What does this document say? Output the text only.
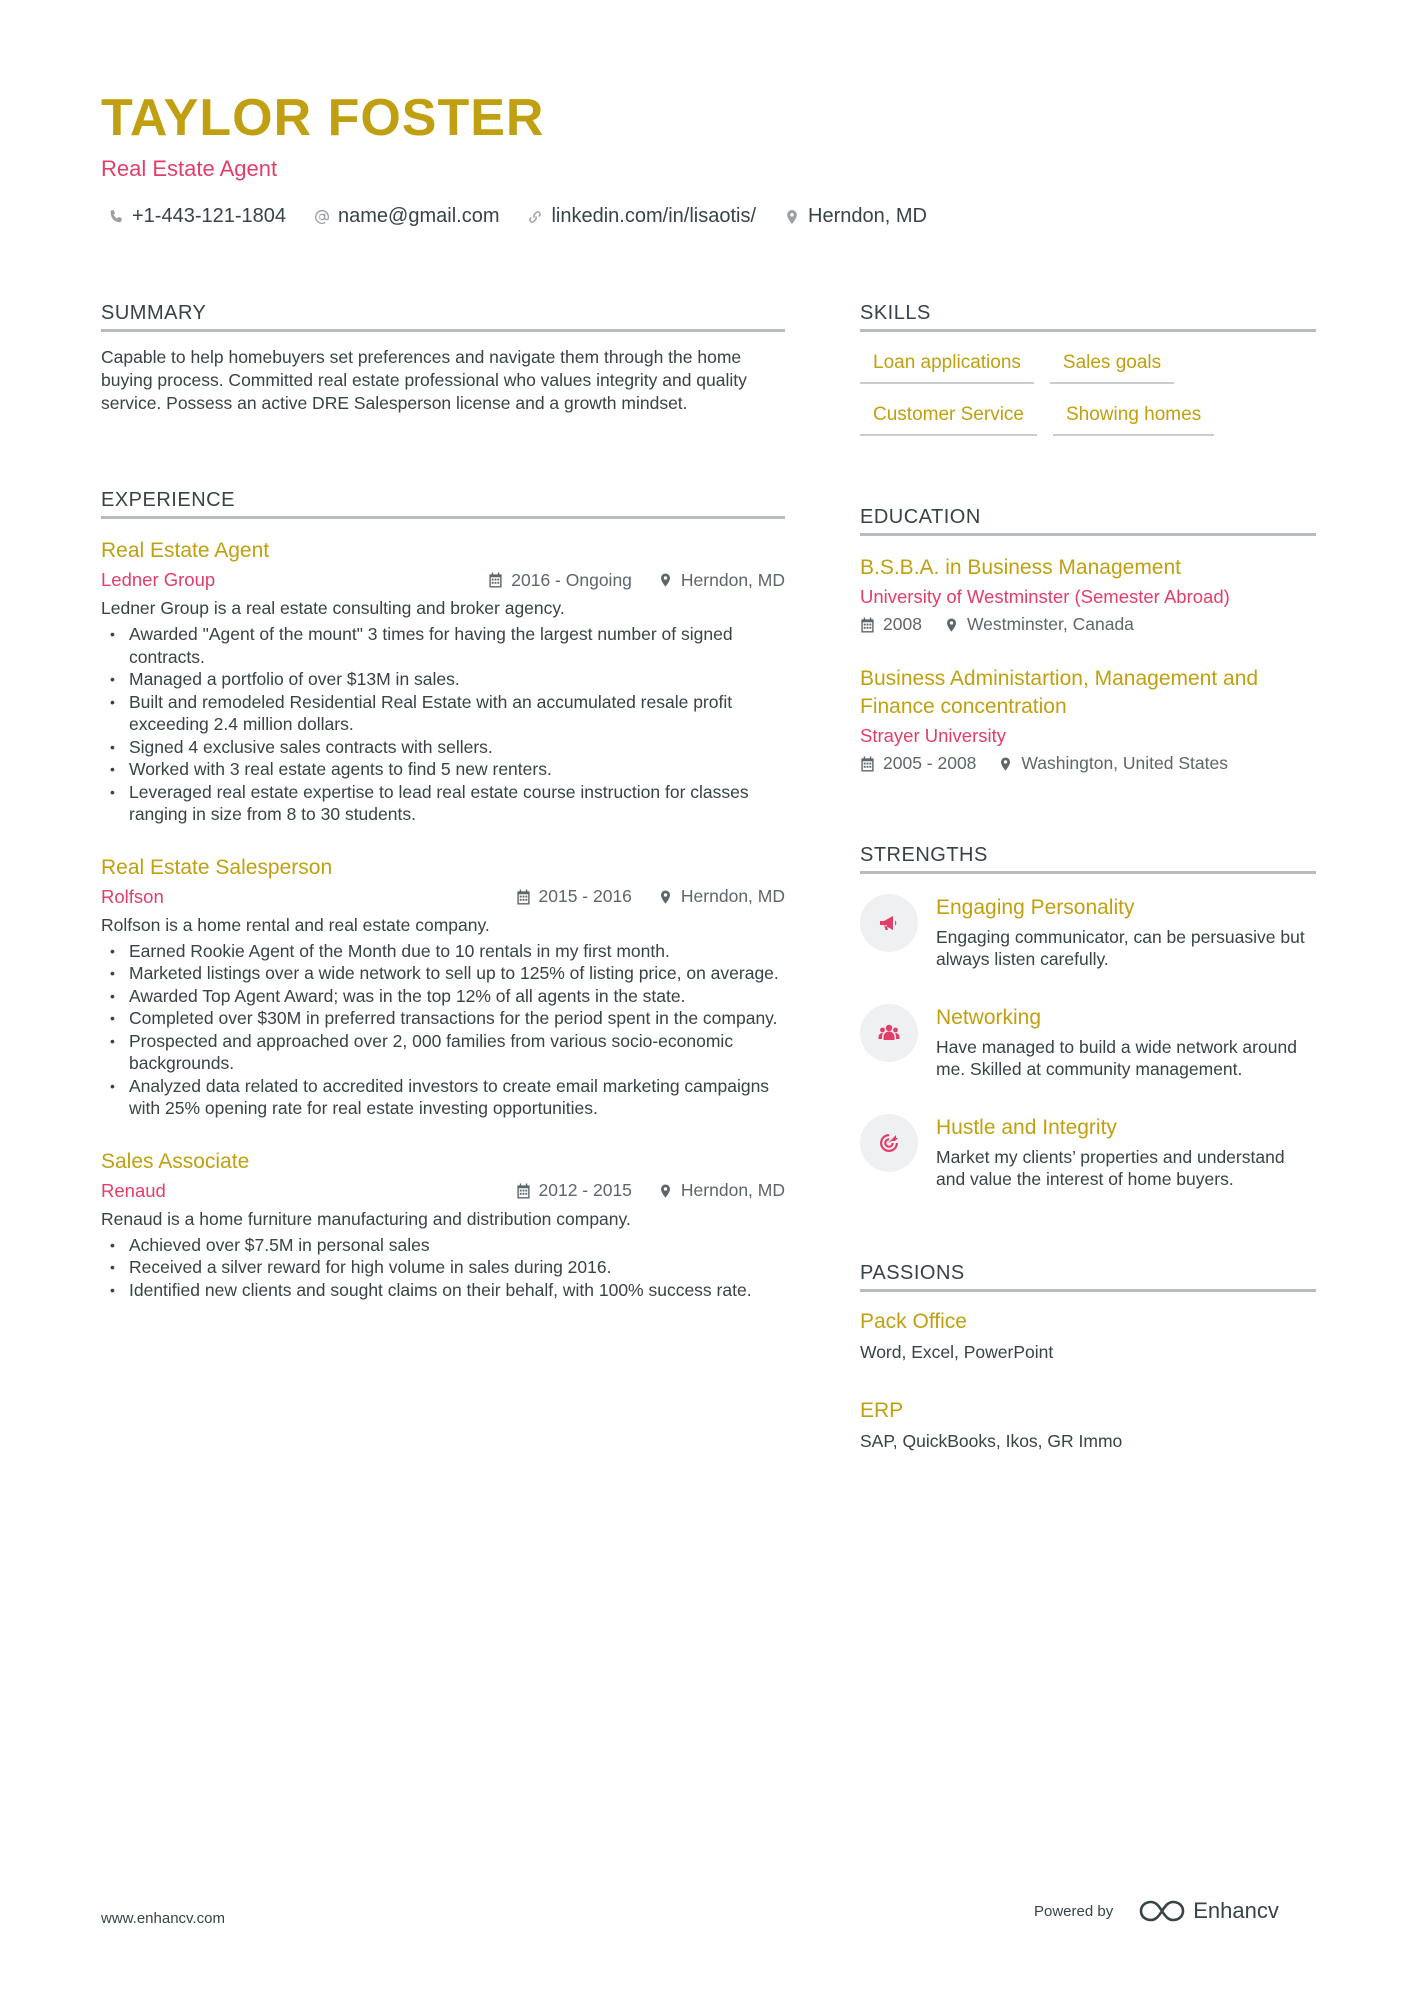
TAYLOR FOSTER
Real Estate Agent
+1-443-121-1804	name@gmail.com	linkedin.com/in/lisaotis/	Herndon, MD
SUMMARY

Capable to help homebuyers set preferences and navigate them through the home buying process. Committed real estate professional who values integrity and quality service. Possess an active DRE Salesperson license and a growth mindset.

EXPERIENCE
Real Estate Agent
Ledner Group	2016 - Ongoing	Herndon, MD
Ledner Group is a real estate consulting and broker agency.
• Awarded "Agent of the mount" 3 times for having the largest number of signed contracts.
• Managed a portfolio of over $13M in sales.
• Built and remodeled Residential Real Estate with an accumulated resale profit exceeding 2.4 million dollars.
• Signed 4 exclusive sales contracts with sellers.
• Worked with 3 real estate agents to find 5 new renters.
• Leveraged real estate expertise to lead real estate course instruction for classes ranging in size from 8 to 30 students.
Real Estate Salesperson
Rolfson	2015 - 2016	Herndon, MD
Rolfson is a home rental and real estate company.
• Earned Rookie Agent of the Month due to 10 rentals in my first month.
• Marketed listings over a wide network to sell up to 125% of listing price, on average.
• Awarded Top Agent Award; was in the top 12% of all agents in the state.
• Completed over $30M in preferred transactions for the period spent in the company.
• Prospected and approached over 2, 000 families from various socio-economic backgrounds.
• Analyzed data related to accredited investors to create email marketing campaigns with 25% opening rate for real estate investing opportunities.
Sales Associate
Renaud	2012 - 2015	Herndon, MD
Renaud is a home furniture manufacturing and distribution company.
• Achieved over $7.5M in personal sales
• Received a silver reward for high volume in sales during 2016.
• Identified new clients and sought claims on their behalf, with 100% success rate.
SKILLS
Loan applications	Sales goals
Customer Service	Showing homes
EDUCATION
B.S.B.A. in Business Management
University of Westminster (Semester Abroad)
2008	Westminster, Canada
Business Administartion, Management and Finance concentration
Strayer University
2005 - 2008	Washington, United States
STRENGTHS
Engaging Personality
Engaging communicator, can be persuasive but always listen carefully.
Networking
Have managed to build a wide network around me. Skilled at community management.
Hustle and Integrity
Market my clients’ properties and understand and value the interest of home buyers.
PASSIONS
Pack Office
Word, Excel, PowerPoint
ERP
SAP, QuickBooks, Ikos, GR Immo
www.enhancv.com	Powered by	Enhancv
